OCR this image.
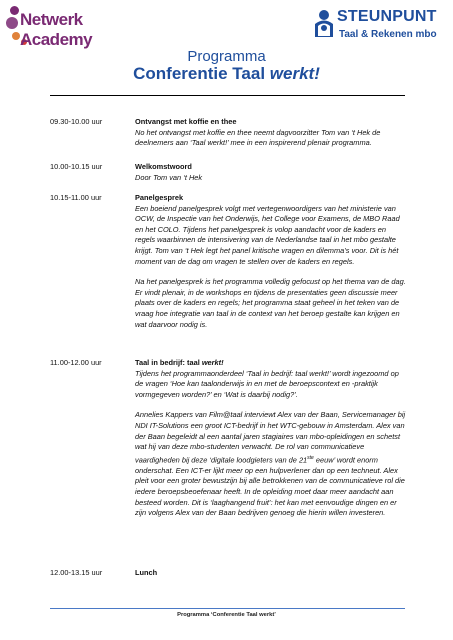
Netwerk
Academy
STEUNPUNT
Taal & Rekenen mbo
Programma
Conferentie Taal werkt!
09.30-10.00 uur	Ontvangst met koffie en thee

No het ontvangst met koffie en thee neemt dagvoorzitter Tom van ‘t Hek de deelnemers aan ‘Taal werkt!’ mee in een inspirerend plenair programma.

10.00-10.15 uur	Welkomstwoord

Door Tom van ‘t Hek

10.15-11.00 uur	Panelgesprek

Een boeiend panelgesprek volgt met vertegenwoordigers van het ministerie van OCW, de Inspectie van het Onderwijs, het College voor Examens, de MBO Raad en het COLO. Tijdens het panelgesprek is volop aandacht voor de kaders en regels waarbinnen de intensivering van de Nederlandse taal in het mbo gestalte krijgt. Tom van ‘t Hek legt het panel kritische vragen en dilemma’s voor. Dit is hét moment van de dag om vragen te stellen over de kaders en regels.

Na het panelgesprek is het programma volledig gefocust op het thema van de dag. Er vindt plenair, in de workshops en tijdens de presentaties geen discussie meer plaats over de kaders en regels; het programma staat geheel in het teken van de vraag hoe integratie van taal in de context van het beroep gestalte kan krijgen en wat daarvoor nodig is.

11.00-12.00 uur	Taal in bedrijf: taal werkt!

Tijdens het programmaonderdeel ‘Taal in bedrijf: taal werkt!’ wordt ingezoomd op de vragen ‘Hoe kan taalonderwijs in en met de beroepscontext en -praktijk vormgegeven worden?’ en ‘Wat is daarbij nodig?’.

Annelies Kappers van Film@taal interviewt Alex van der Baan, Servicemanager bij NDI IT-Solutions een groot ICT-bedrijf in het WTC-gebouw in Amsterdam. Alex van der Baan begeleidt al een aantal jaren stagiaires van mbo-opleidingen en schetst wat hij van deze mbo-studenten verwacht. De rol van communicatieve vaardigheden bij deze ‘digitale loodgieters van de 21ste eeuw’ wordt enorm onderschat. Een ICT-er lijkt meer op een hulpverlener dan op een techneut. Alex pleit voor een groter bewustzijn bij alle betrokkenen van de communicatieve rol die iedere beroepsbeoefenaar heeft. In de opleiding moet daar meer aandacht aan besteed worden. Dit is ‘laaghangend fruit’: het kan met eenvoudige dingen en er zijn volgens Alex van der Baan bedrijven genoeg die hierin willen investeren.

12.00-13.15 uur	Lunch

Programma ‘Conferentie Taal werkt’
